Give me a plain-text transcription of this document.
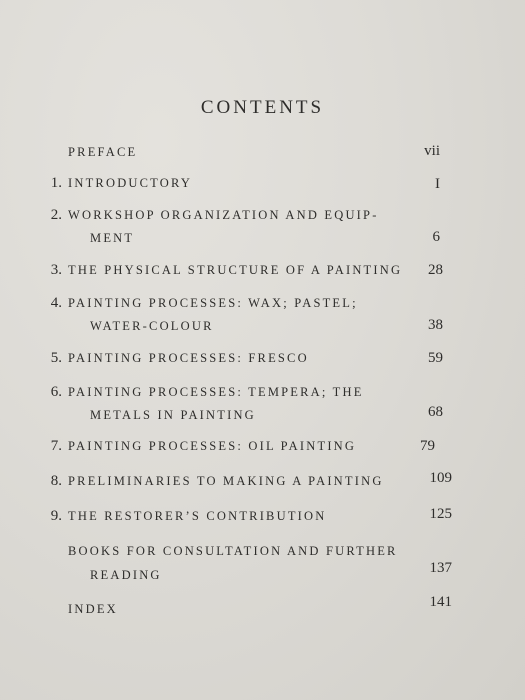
CONTENTS
PREFACE	vii
1. INTRODUCTORY	I
2. WORKSHOP ORGANIZATION AND EQUIP-
MENT	6
3. THE PHYSICAL STRUCTURE OF A PAINTING	28
4. PAINTING PROCESSES: WAX; PASTEL;
WATER-COLOUR	38
5. PAINTING PROCESSES: FRESCO	59
6. PAINTING PROCESSES: TEMPERA; THE
METALS IN PAINTING	68
7. PAINTING PROCESSES: OIL PAINTING	79
8. PRELIMINARIES TO MAKING A PAINTING	109
9. THE RESTORER’S CONTRIBUTION	125
BOOKS FOR CONSULTATION AND FURTHER
READING	137
INDEX	141
